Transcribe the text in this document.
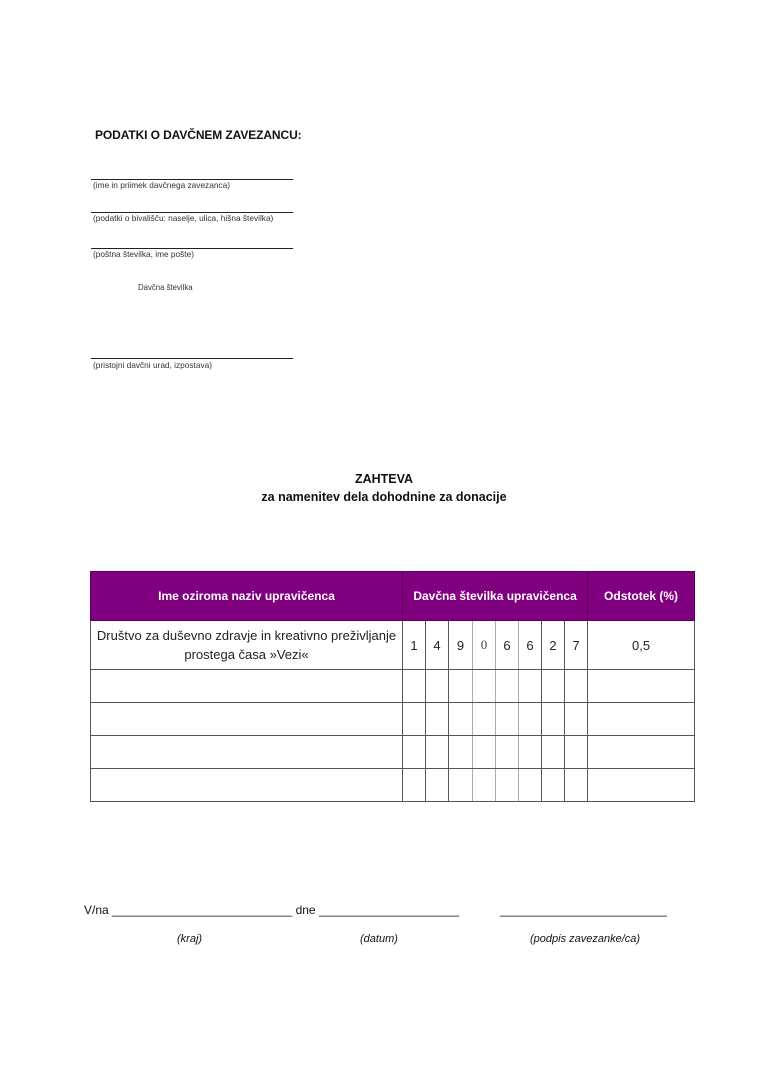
PODATKI O DAVČNEM ZAVEZANCU:
(ime in priimek davčnega zavezanca)
(podatki o bivališču: naselje, ulica, hišna številka)
(poštna številka, ime pošte)
Davčna številka
(pristojni davčni urad, izpostava)
ZAHTEVA
za namenitev dela dohodnine za donacije
Ime oziroma naziv upravičenca	Davčna številka upravičenca								Odstotek (%)

Društvo za duševno zdravje in kreativno preživljanje prostega časa »Vezi«	1	4	9	0	6	6	2	7	0,5

V/na ___________________________ dne _____________________	_________________________
(kraj)	(datum)	(podpis zavezanke/ca)
